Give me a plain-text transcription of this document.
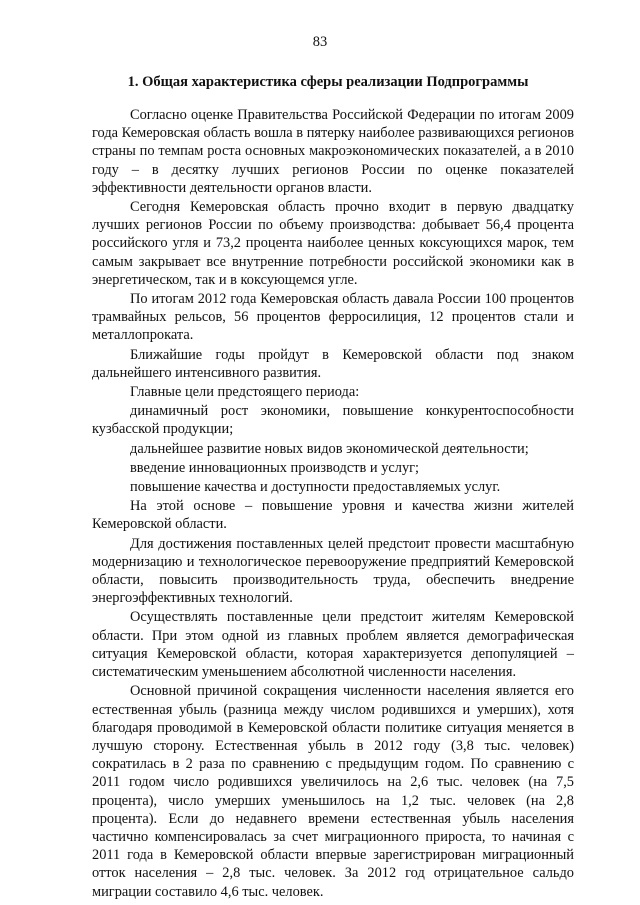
83
1. Общая характеристика сферы реализации Подпрограммы

Согласно оценке Правительства Российской Федерации по итогам 2009 года Кемеровская область вошла в пятерку наиболее развивающихся регионов страны по темпам роста основных макроэкономических показателей, а в 2010 году – в десятку лучших регионов России по оценке показателей эффективности деятельности органов власти.

Сегодня Кемеровская область прочно входит в первую двадцатку лучших регионов России по объему производства: добывает 56,4 процента российского угля и 73,2 процента наиболее ценных коксующихся марок, тем самым закрывает все внутренние потребности российской экономики как в энергетическом, так и в коксующемся угле.

По итогам 2012 года Кемеровская область давала России 100 процентов трамвайных рельсов, 56 процентов ферросилиция, 12 процентов стали и металлопроката.

Ближайшие годы пройдут в Кемеровской области под знаком дальнейшего интенсивного развития.

Главные цели предстоящего периода:

динамичный рост экономики, повышение конкурентоспособности кузбасской продукции;

дальнейшее развитие новых видов экономической деятельности;

введение инновационных производств и услуг;

повышение качества и доступности предоставляемых услуг.

На этой основе – повышение уровня и качества жизни жителей Кемеровской области.

Для достижения поставленных целей предстоит провести масштабную модернизацию и технологическое перевооружение предприятий Кемеровской области, повысить производительность труда, обеспечить внедрение энергоэффективных технологий.

Осуществлять поставленные цели предстоит жителям Кемеровской области. При этом одной из главных проблем является демографическая ситуация Кемеровской области, которая характеризуется депопуляцией – систематическим уменьшением абсолютной численности населения.

Основной причиной сокращения численности населения является его естественная убыль (разница между числом родившихся и умерших), хотя благодаря проводимой в Кемеровской области политике ситуация меняется в лучшую сторону. Естественная убыль в 2012 году (3,8 тыс. человек) сократилась в 2 раза по сравнению с предыдущим годом. По сравнению с 2011 годом число родившихся увеличилось на 2,6 тыс. человек (на 7,5 процента), число умерших уменьшилось на 1,2 тыс. человек (на 2,8 процента). Если до недавнего времени естественная убыль населения частично компенсировалась за счет миграционного прироста, то начиная с 2011 года в Кемеровской области впервые зарегистрирован миграционный отток населения – 2,8 тыс. человек. За 2012 год отрицательное сальдо миграции составило 4,6 тыс. человек.
